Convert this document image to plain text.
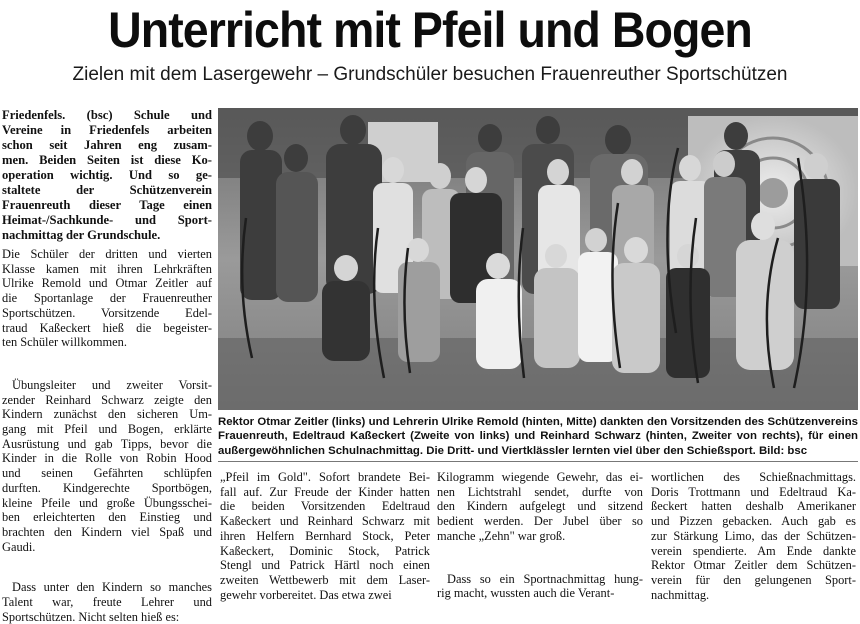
Unterricht mit Pfeil und Bogen
Zielen mit dem Lasergewehr – Grundschüler besuchen Frauenreuther Sportschützen

Friedenfels. (bsc) Schule und
Vereine in Friedenfels arbeiten
schon seit Jahren eng zusam-
men. Beiden Seiten ist diese Ko-
operation wichtig. Und so ge-
staltete der Schützenverein
Frauenreuth dieser Tage einen
Heimat-/Sachkunde- und Sport-
nachmittag der Grundschule.

Die Schüler der dritten und vierten
Klasse kamen mit ihren Lehrkräften
Ulrike Remold und Otmar Zeitler auf
die Sportanlage der Frauenreuther
Sportschützen. Vorsitzende Edel-
traud Kaßeckert hieß die begeister-
ten Schüler willkommen.

Übungsleiter und zweiter Vorsit-
zender Reinhard Schwarz zeigte den
Kindern zunächst den sicheren Um-
gang mit Pfeil und Bogen, erklärte
Ausrüstung und gab Tipps, bevor die
Kinder in die Rolle von Robin Hood
und seinen Gefährten schlüpfen
durften. Kindgerechte Sportbögen,
kleine Pfeile und große Übungsschei-
ben erleichterten den Einstieg und
brachten den Kindern viel Spaß und
Gaudi.

Dass unter den Kindern so manches
Talent war, freute Lehrer und
Sportschützen. Nicht selten hieß es:

Rektor Otmar Zeitler (links) und Lehrerin Ulrike Remold (hinten, Mitte) dankten den Vorsitzenden des Schützenvereins Frauenreuth, Edeltraud Kaßeckert (Zweite von links) und Reinhard Schwarz (hinten, Zweiter von rechts), für einen außergewöhnlichen Schulnachmittag. Die Dritt- und Viertklässler lernten viel über den Schießsport. Bild: bsc

„Pfeil im Gold". Sofort brandete Bei-
fall auf. Zur Freude der Kinder hatten
die beiden Vorsitzenden Edeltraud
Kaßeckert und Reinhard Schwarz mit
ihren Helfern Bernhard Stock, Peter
Kaßeckert, Dominic Stock, Patrick
Stengl und Patrick Härtl noch einen
zweiten Wettbewerb mit dem Laser-
gewehr vorbereitet. Das etwa zwei

Kilogramm wiegende Gewehr, das ei-
nen Lichtstrahl sendet, durfte von
den Kindern aufgelegt und sitzend
bedient werden. Der Jubel über so
manche „Zehn" war groß.

Dass so ein Sportnachmittag hung-
rig macht, wussten auch die Verant-

wortlichen des Schießnachmittags.
Doris Trottmann und Edeltraud Ka-
ßeckert hatten deshalb Amerikaner
und Pizzen gebacken. Auch gab es
zur Stärkung Limo, das der Schützen-
verein spendierte. Am Ende dankte
Rektor Otmar Zeitler dem Schützen-
verein für den gelungenen Sport-
nachmittag.
